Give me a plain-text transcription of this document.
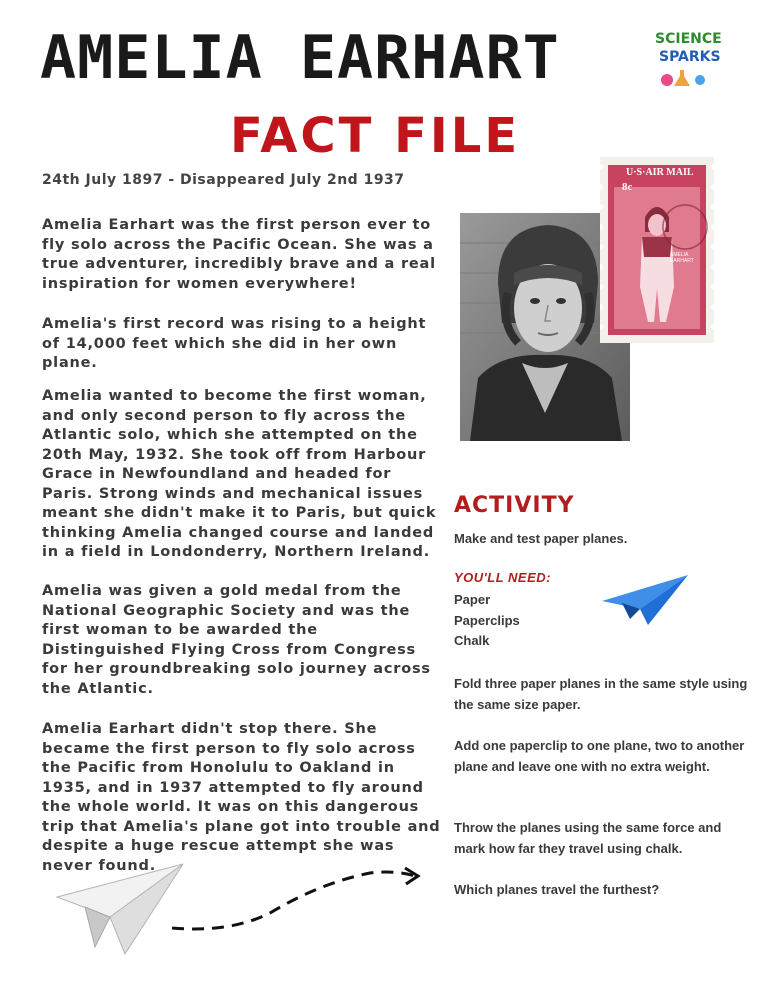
AMELIA EARHART	SCIENCE
SPARKS
FACT FILE
24th July 1897 - Disappeared July 2nd 1937

Amelia Earhart was the first person ever to fly solo across the Pacific Ocean. She was a true adventurer, incredibly brave and a real inspiration for women everywhere!

Amelia's first record was rising to a height of 14,000 feet which she did in her own plane.

Amelia wanted to become the first woman, and only second person to fly across the Atlantic solo, which she attempted on the 20th May, 1932. She took off from Harbour Grace in Newfoundland and headed for Paris. Strong winds and mechanical issues meant she didn't make it to Paris, but quick thinking Amelia changed course and landed in a field in Londonderry, Northern Ireland.

Amelia was given a gold medal from the National Geographic Society and was the first woman to be awarded the Distinguished Flying Cross from Congress for her groundbreaking solo journey across the Atlantic.

Amelia Earhart didn't stop there. She became the first person to fly solo across the Pacific from Honolulu to Oakland in 1935, and in 1937 attempted to fly around the whole world. It was on this dangerous trip that Amelia's plane got into trouble and despite a huge rescue attempt she was never found.

U·S·AIR MAIL
8c
AMELIA EARHART
ACTIVITY

Make and test paper planes.

YOU'LL NEED:
Paper
Paperclips
Chalk

Fold three paper planes in the same style using the same size paper.

Add one paperclip to one plane, two to another plane and leave one with no extra weight.

Throw the planes using the same force and mark how far they travel using chalk.

Which planes travel the furthest?
